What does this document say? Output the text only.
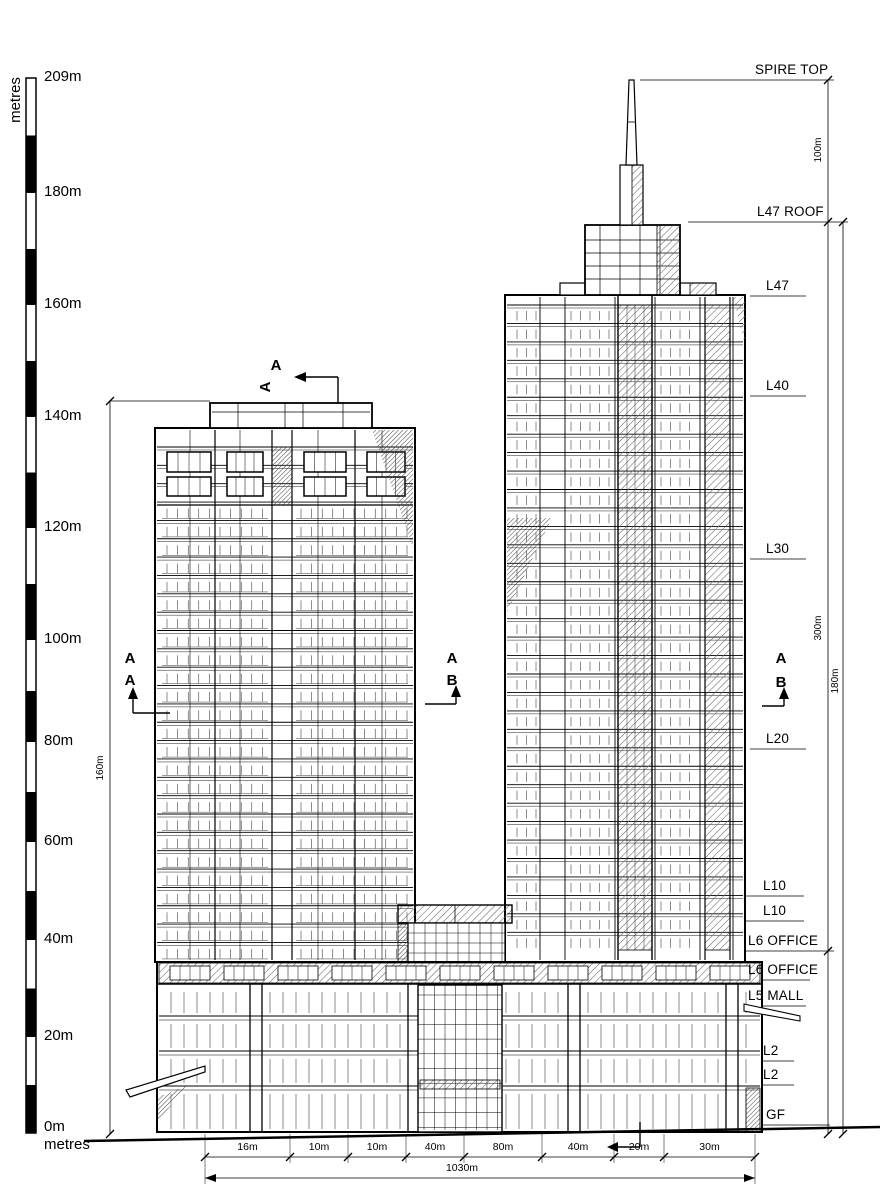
metres
0m
metres
100m
300m
180m
160m
1030m
209m
180m
160m
140m
120m
100m
80m
60m
40m
20m
SPIRE TOP
L47 ROOF
L47
L40
L30
L20
L10
L10
L6 OFFICE
L6 OFFICE
L5 MALL
L2
L2
GF
16m	10m	10m	40m	80m	40m	20m	30m
A
A
A
A
A
B
A
B
